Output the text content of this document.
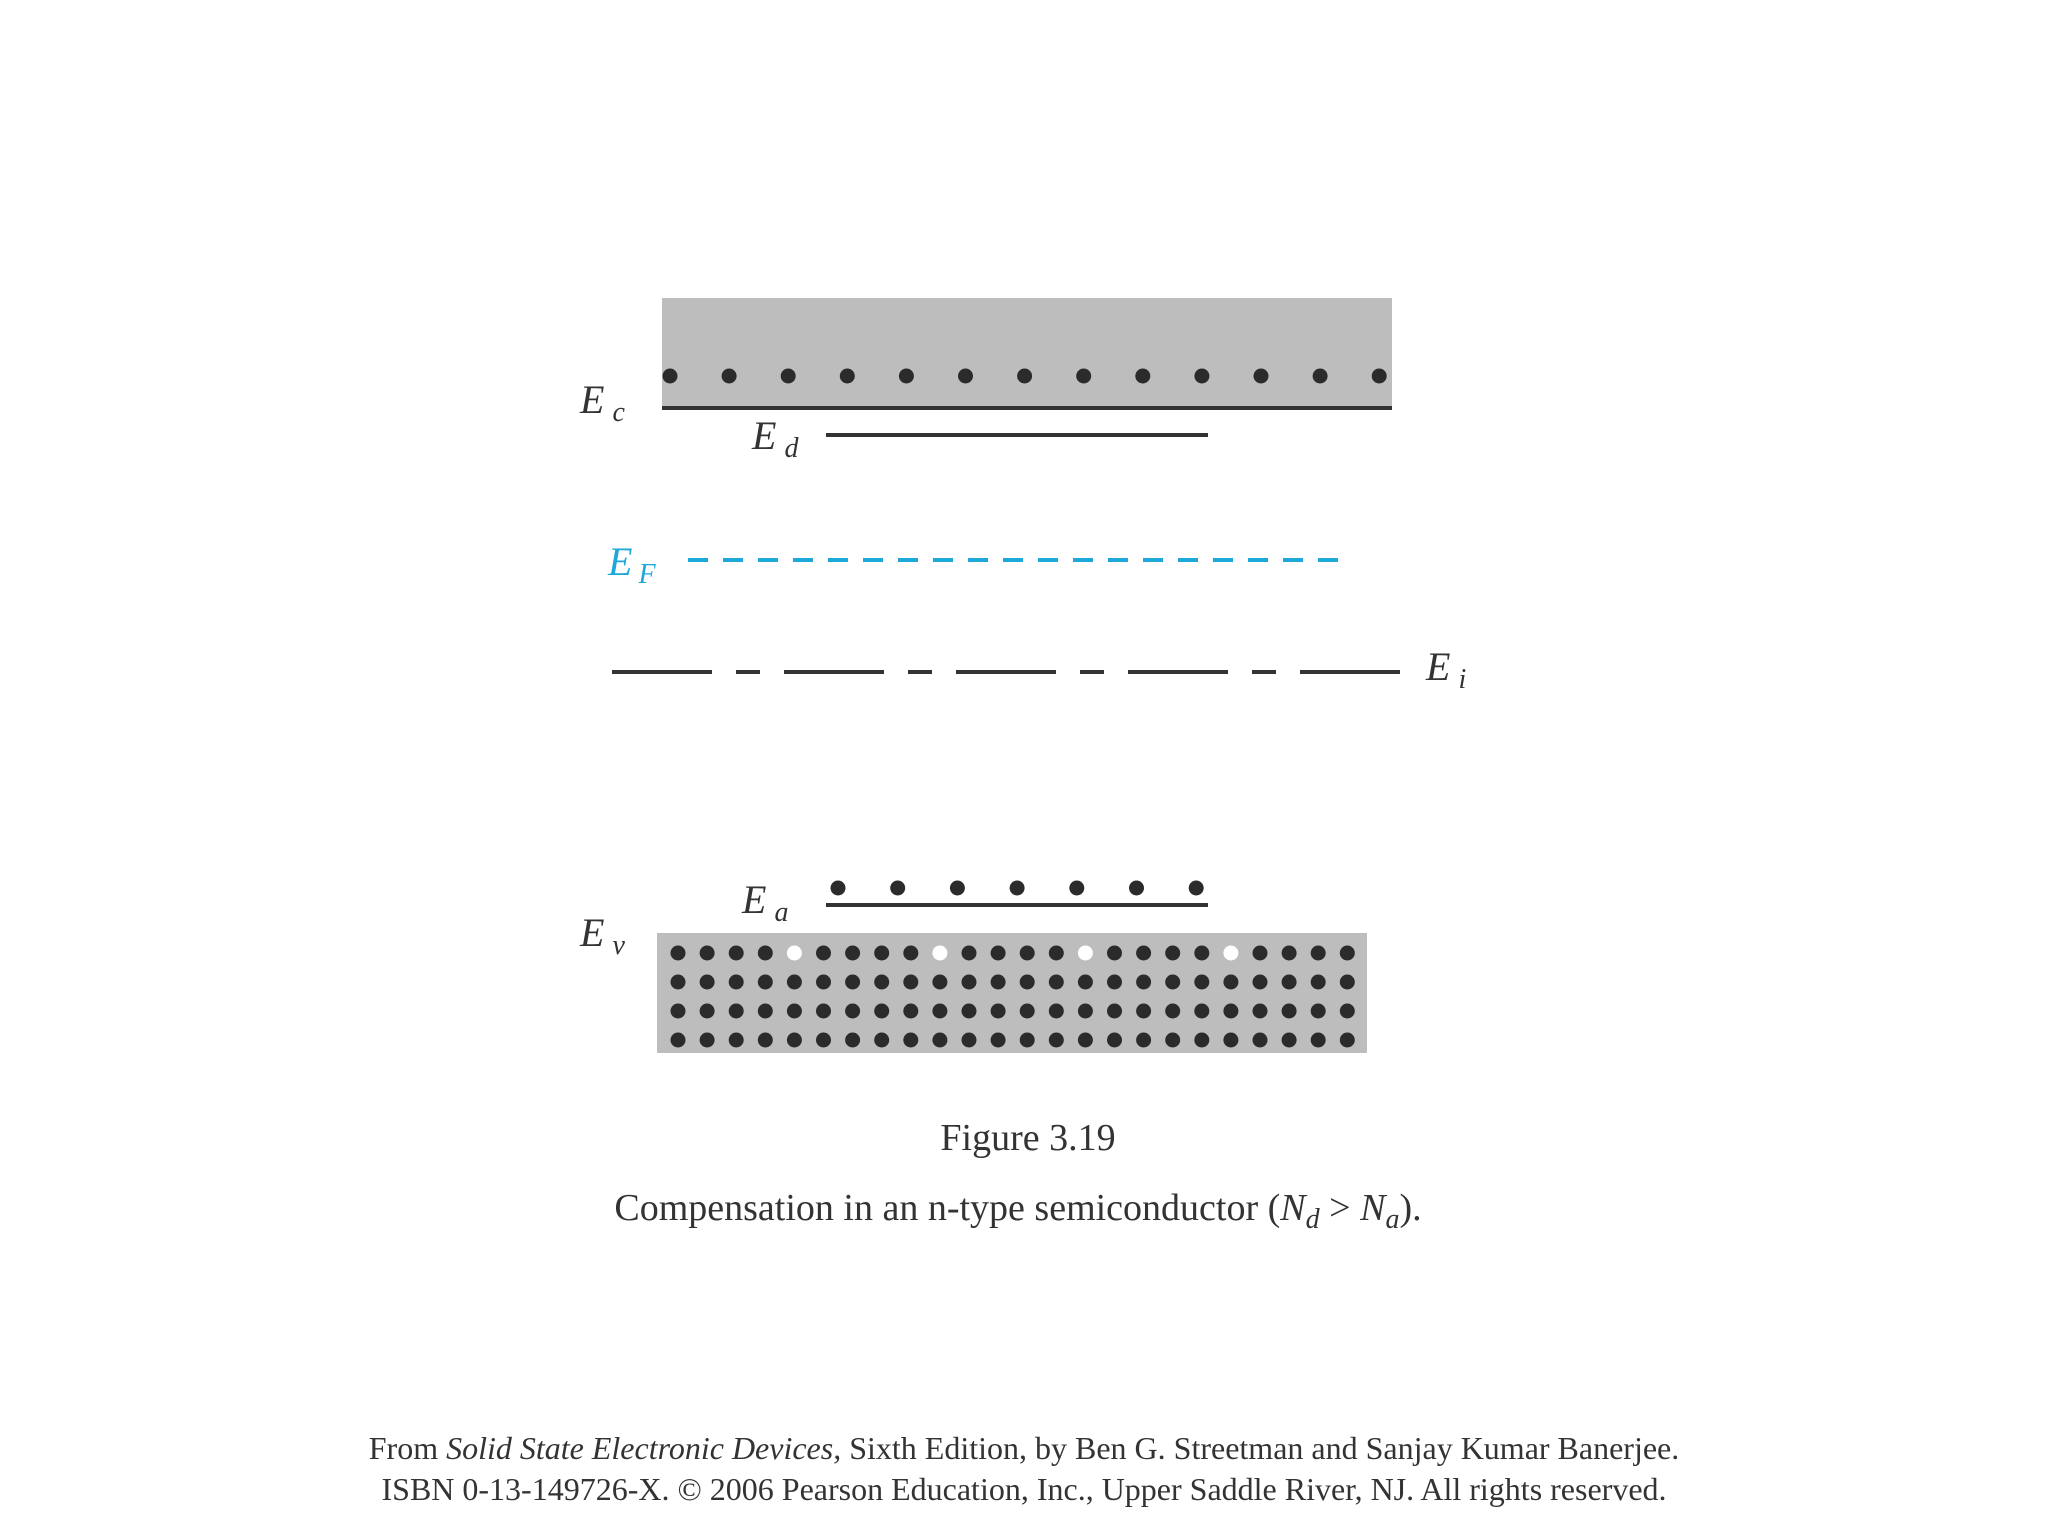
E $_c$
E $_d$
E $_F$
E $_i$
E $_a$
E $_v$
Figure 3.19
Compensation in an n-type semiconductor $(N_d > N_a)$.
From Solid State Electronic Devices, Sixth Edition, by Ben G. Streetman and Sanjay Kumar Banerjee.
ISBN 0-13-149726-X. © 2006 Pearson Education, Inc., Upper Saddle River, NJ. All rights reserved.
